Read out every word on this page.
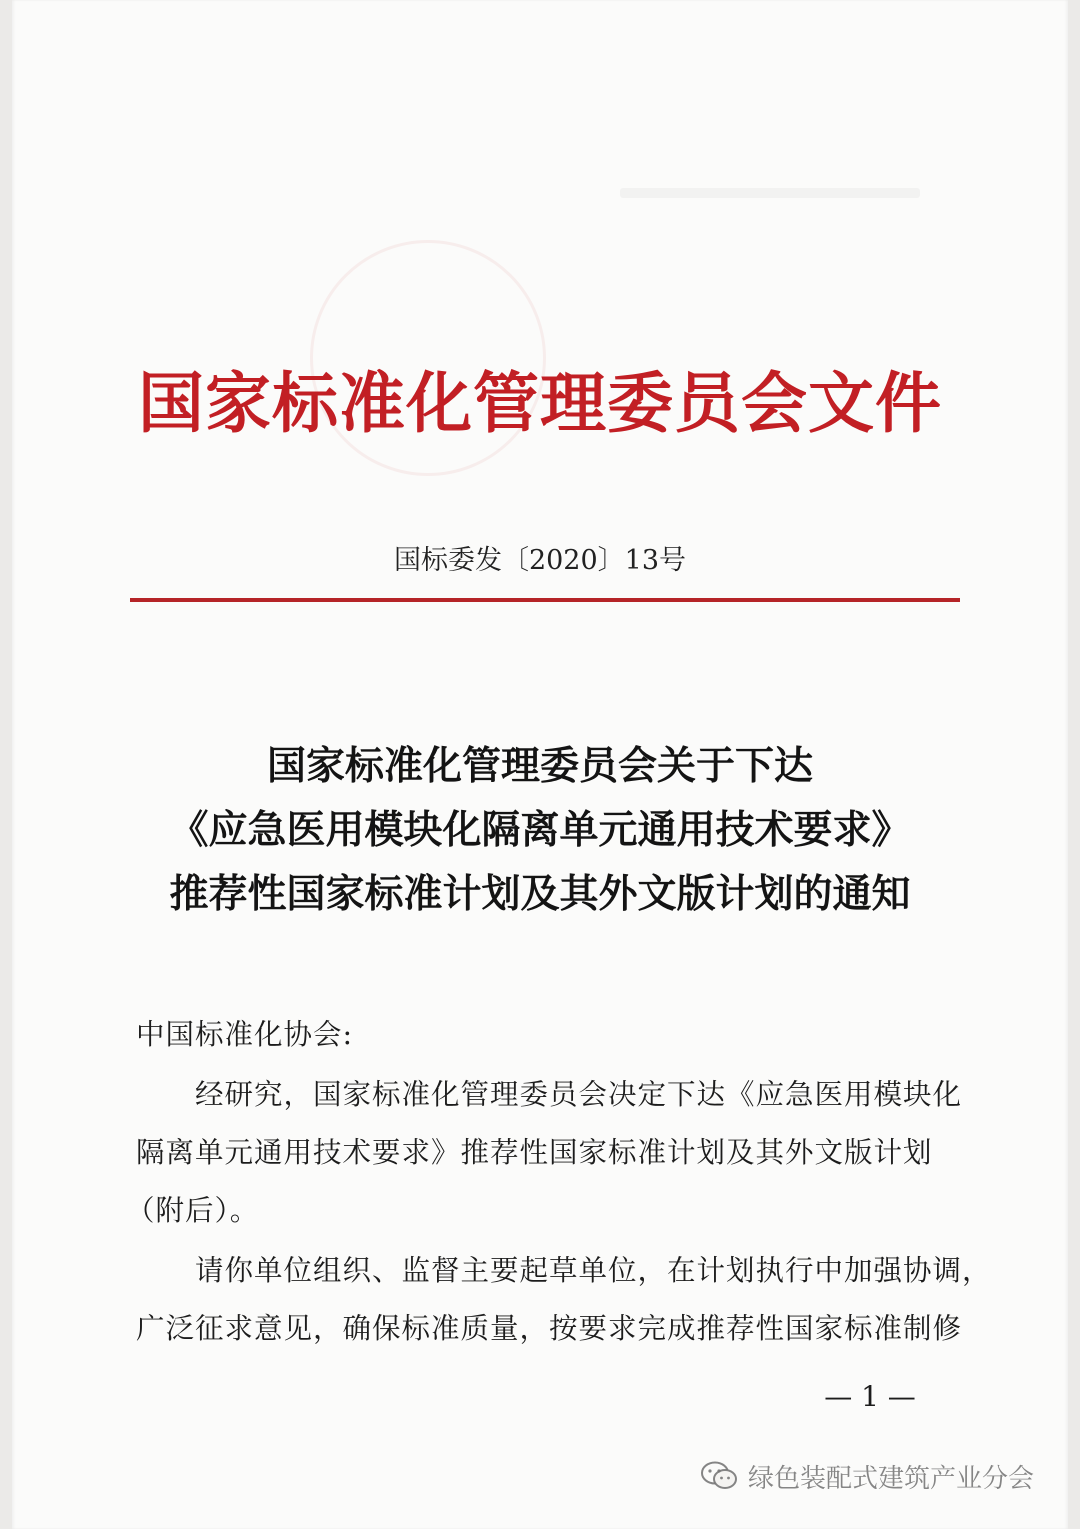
国家标准化管理委员会文件
国标委发〔2020〕13号
国家标准化管理委员会关于下达
《应急医用模块化隔离单元通用技术要求》
推荐性国家标准计划及其外文版计划的通知
中国标准化协会:
经研究，国家标准化管理委员会决定下达《应急医用模块化
隔离单元通用技术要求》推荐性国家标准计划及其外文版计划
（附后）。
请你单位组织、监督主要起草单位，在计划执行中加强协调，
广泛征求意见，确保标准质量，按要求完成推荐性国家标准制修
— 1 —
绿色装配式建筑产业分会
